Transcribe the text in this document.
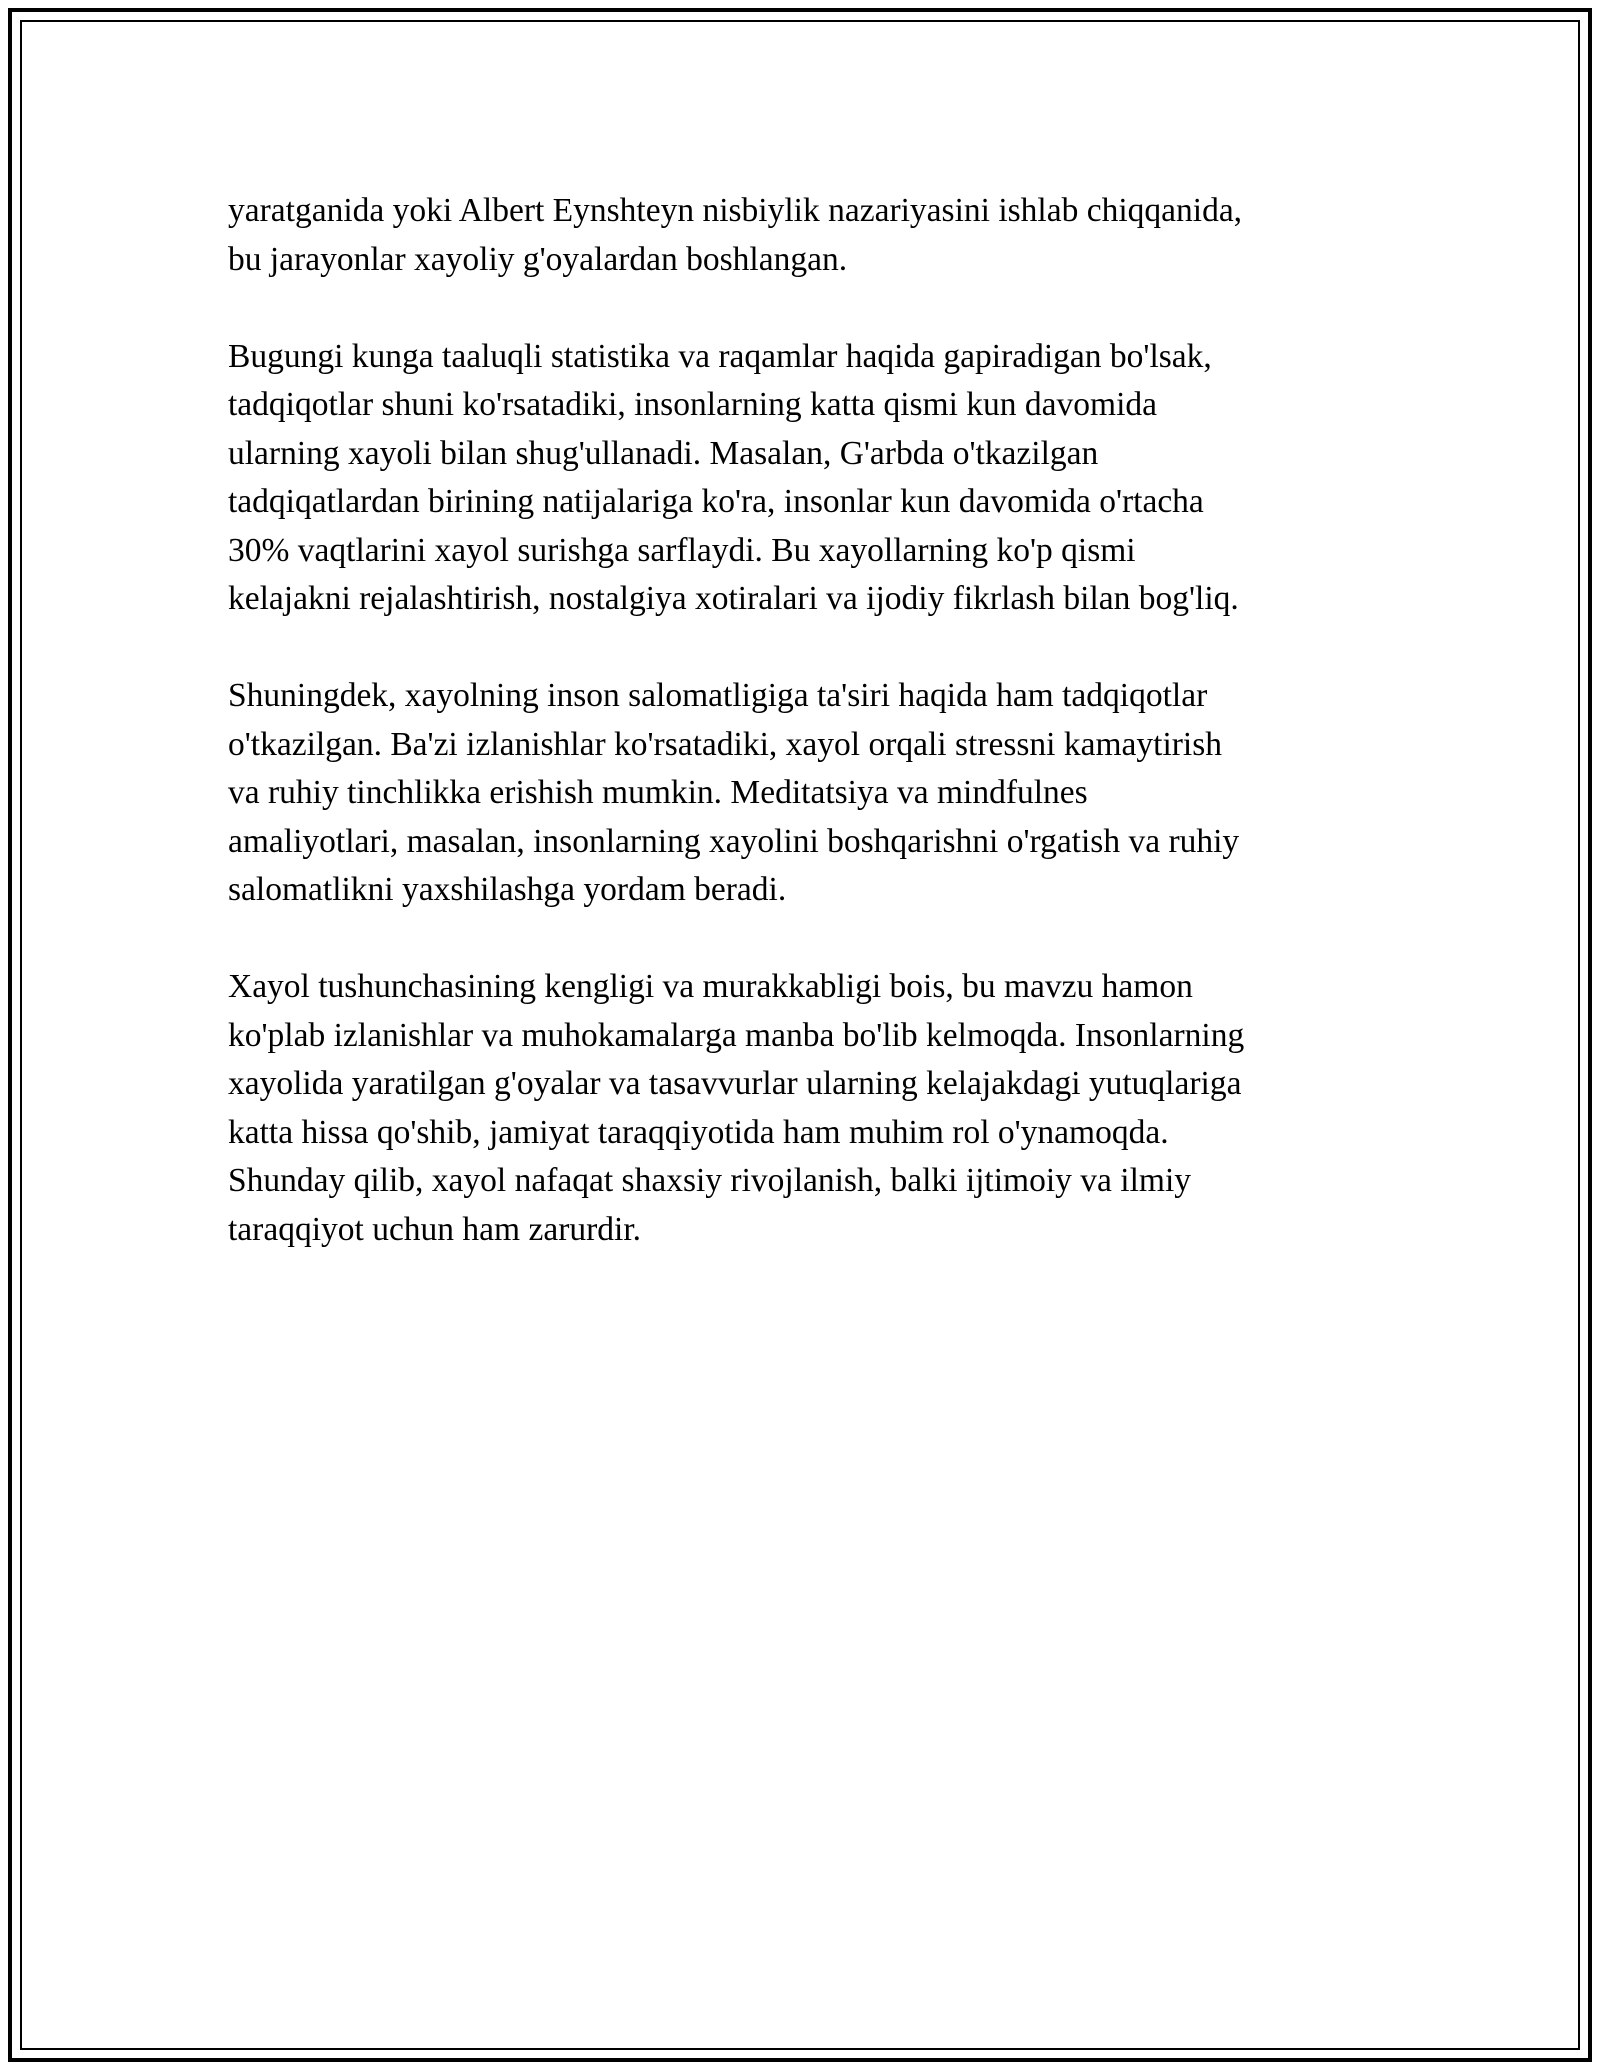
yaratganida yoki Albert Eynshteyn nisbiylik nazariyasini ishlab chiqqanida,
bu jarayonlar xayoliy g'oyalardan boshlangan.

Bugungi kunga taaluqli statistika va raqamlar haqida gapiradigan bo'lsak,
tadqiqotlar shuni ko'rsatadiki, insonlarning katta qismi kun davomida
ularning xayoli bilan shug'ullanadi. Masalan, G'arbda o'tkazilgan
tadqiqatlardan birining natijalariga ko'ra, insonlar kun davomida o'rtacha
30% vaqtlarini xayol surishga sarflaydi. Bu xayollarning ko'p qismi
kelajakni rejalashtirish, nostalgiya xotiralari va ijodiy fikrlash bilan bog'liq.

Shuningdek, xayolning inson salomatligiga ta'siri haqida ham tadqiqotlar
o'tkazilgan. Ba'zi izlanishlar ko'rsatadiki, xayol orqali stressni kamaytirish
va ruhiy tinchlikka erishish mumkin. Meditatsiya va mindfulnes
amaliyotlari, masalan, insonlarning xayolini boshqarishni o'rgatish va ruhiy
salomatlikni yaxshilashga yordam beradi.

Xayol tushunchasining kengligi va murakkabligi bois, bu mavzu hamon
ko'plab izlanishlar va muhokamalarga manba bo'lib kelmoqda. Insonlarning
xayolida yaratilgan g'oyalar va tasavvurlar ularning kelajakdagi yutuqlariga
katta hissa qo'shib, jamiyat taraqqiyotida ham muhim rol o'ynamoqda.
Shunday qilib, xayol nafaqat shaxsiy rivojlanish, balki ijtimoiy va ilmiy
taraqqiyot uchun ham zarurdir.
